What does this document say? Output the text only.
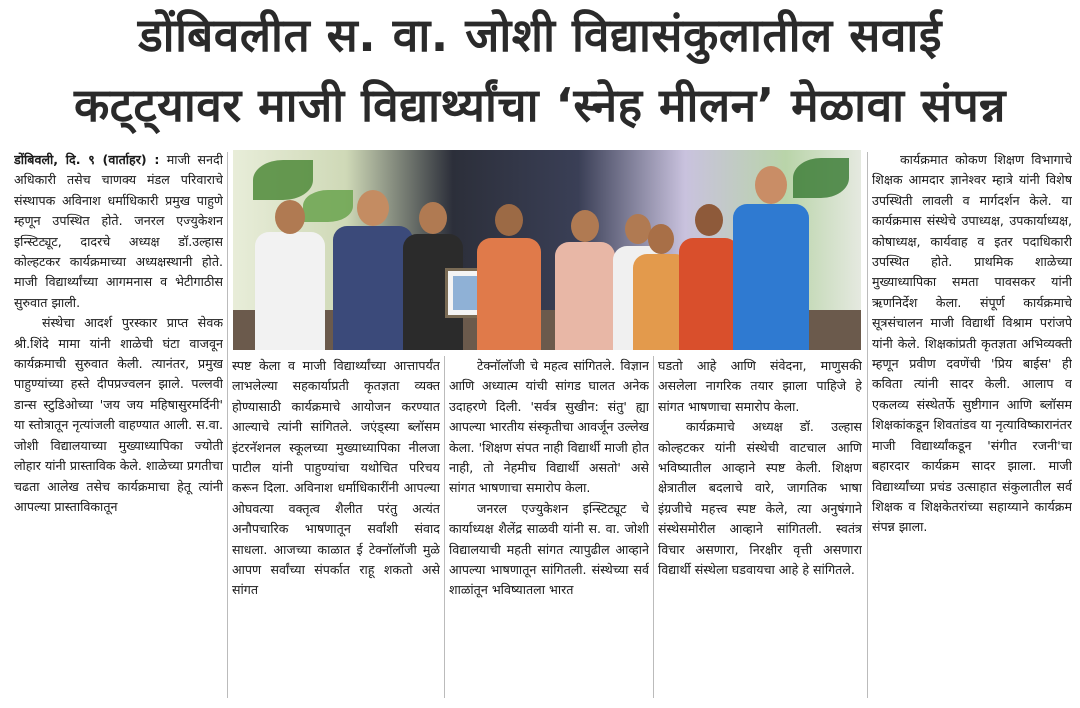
डोंबिवलीत स. वा. जोशी विद्यासंकुलातील सवाई
कट्ट्यावर माजी विद्यार्थ्यांचा ‘स्नेह मीलन’ मेळावा संपन्न

डोंबिवली, दि. ९ (वार्ताहर) : माजी सनदी अधिकारी तसेच चाणक्य मंडल परिवाराचे संस्थापक अविनाश धर्माधिकारी प्रमुख पाहुणे म्हणून उपस्थित होते. जनरल एज्युकेशन इन्स्टिट्यूट, दादरचे अध्यक्ष डॉ.उल्हास कोल्हटकर कार्यक्रमाच्या अध्यक्षस्थानी होते. माजी विद्यार्थ्यांच्या आगमनास व भेटीगाठीस सुरुवात झाली.

संस्थेचा आदर्श पुरस्कार प्राप्त सेवक श्री.शिंदे मामा यांनी शाळेची घंटा वाजवून कार्यक्रमाची सुरुवात केली. त्यानंतर, प्रमुख पाहुण्यांच्या हस्ते दीपप्रज्वलन झाले. पल्लवी डान्स स्टुडिओच्या 'जय जय महिषासुरमर्दिनी' या स्तोत्रातून नृत्यांजली वाहण्यात आली. स.वा. जोशी विद्यालयाच्या मुख्याध्यापिका ज्योती लोहार यांनी प्रास्ताविक केले. शाळेच्या प्रगतीचा चढता आलेख तसेच कार्यक्रमाचा हेतू त्यांनी आपल्या प्रास्ताविकातून

स्पष्ट केला व माजी विद्यार्थ्यांच्या आत्तापर्यंत लाभलेल्या सहकार्याप्रती कृतज्ञता व्यक्त होण्यासाठी कार्यक्रमाचे आयोजन करण्यात आल्याचे त्यांनी सांगितले. जएंड्स्या ब्लॉसम इंटरनॅशनल स्कूलच्या मुख्याध्यापिका नीलजा पाटील यांनी पाहुण्यांचा यथोचित परिचय करून दिला. अविनाश धर्माधिकारींनी आपल्या ओघवत्या वक्तृत्व शैलीत परंतु अत्यंत अनौपचारिक भाषणातून सर्वांशी संवाद साधला. आजच्या काळात ई टेक्नॉलॉजी मुळे आपण सर्वांच्या संपर्कात राहू शकतो असे सांगत

टेक्नॉलॉजी चे महत्व सांगितले. विज्ञान आणि अध्यात्म यांची सांगड घालत अनेक उदाहरणे दिली. 'सर्वत्र सुखीन: संतु' ह्या आपल्या भारतीय संस्कृतीचा आवर्जून उल्लेख केला. 'शिक्षण संपत नाही विद्यार्थी माजी होत नाही, तो नेहमीच विद्यार्थी असतो' असे सांगत भाषणाचा समारोप केला.

जनरल एज्युकेशन इन्स्टिट्यूट चे कार्याध्यक्ष शैलेंद्र साळवी यांनी स. वा. जोशी विद्यालयाची महती सांगत त्यापुढील आव्हाने आपल्या भाषणातून सांगितली. संस्थेच्या सर्व शाळांतून भविष्यातला भारत

घडतो आहे आणि संवेदना, माणुसकी असलेला नागरिक तयार झाला पाहिजे हे सांगत भाषणाचा समारोप केला.

कार्यक्रमाचे अध्यक्ष डॉ. उल्हास कोल्हटकर यांनी संस्थेची वाटचाल आणि भविष्यातील आव्हाने स्पष्ट केली. शिक्षण क्षेत्रातील बदलाचे वारे, जागतिक भाषा इंग्रजीचे महत्त्व स्पष्ट केले, त्या अनुषंगाने संस्थेसमोरील आव्हाने सांगितली. स्वतंत्र विचार असणारा, निरक्षीर वृत्ती असणारा विद्यार्थी संस्थेला घडवायचा आहे हे सांगितले.

कार्यक्रमात कोकण शिक्षण विभागाचे शिक्षक आमदार ज्ञानेश्वर म्हात्रे यांनी विशेष उपस्थिती लावली व मार्गदर्शन केले. या कार्यक्रमास संस्थेचे उपाध्यक्ष, उपकार्याध्यक्ष, कोषाध्यक्ष, कार्यवाह व इतर पदाधिकारी उपस्थित होते. प्राथमिक शाळेच्या मुख्याध्यापिका समता पावसकर यांनी ऋणनिर्देश केला. संपूर्ण कार्यक्रमाचे सूत्रसंचालन माजी विद्यार्थी विश्राम परांजपे यांनी केले. शिक्षकांप्रती कृतज्ञता अभिव्यक्ती म्हणून प्रवीण दवणेंची 'प्रिय बाईस' ही कविता त्यांनी सादर केली. आलाप व एकलव्य संस्थेतर्फे सुष्टीगान आणि ब्लॉसम शिक्षकांकडून शिवतांडव या नृत्याविष्कारानंतर माजी विद्यार्थ्यांकडून 'संगीत रजनी'चा बहारदार कार्यक्रम सादर झाला. माजी विद्यार्थ्यांच्या प्रचंड उत्साहात संकुलातील सर्व शिक्षक व शिक्षकेतरांच्या सहाय्याने कार्यक्रम संपन्न झाला.
